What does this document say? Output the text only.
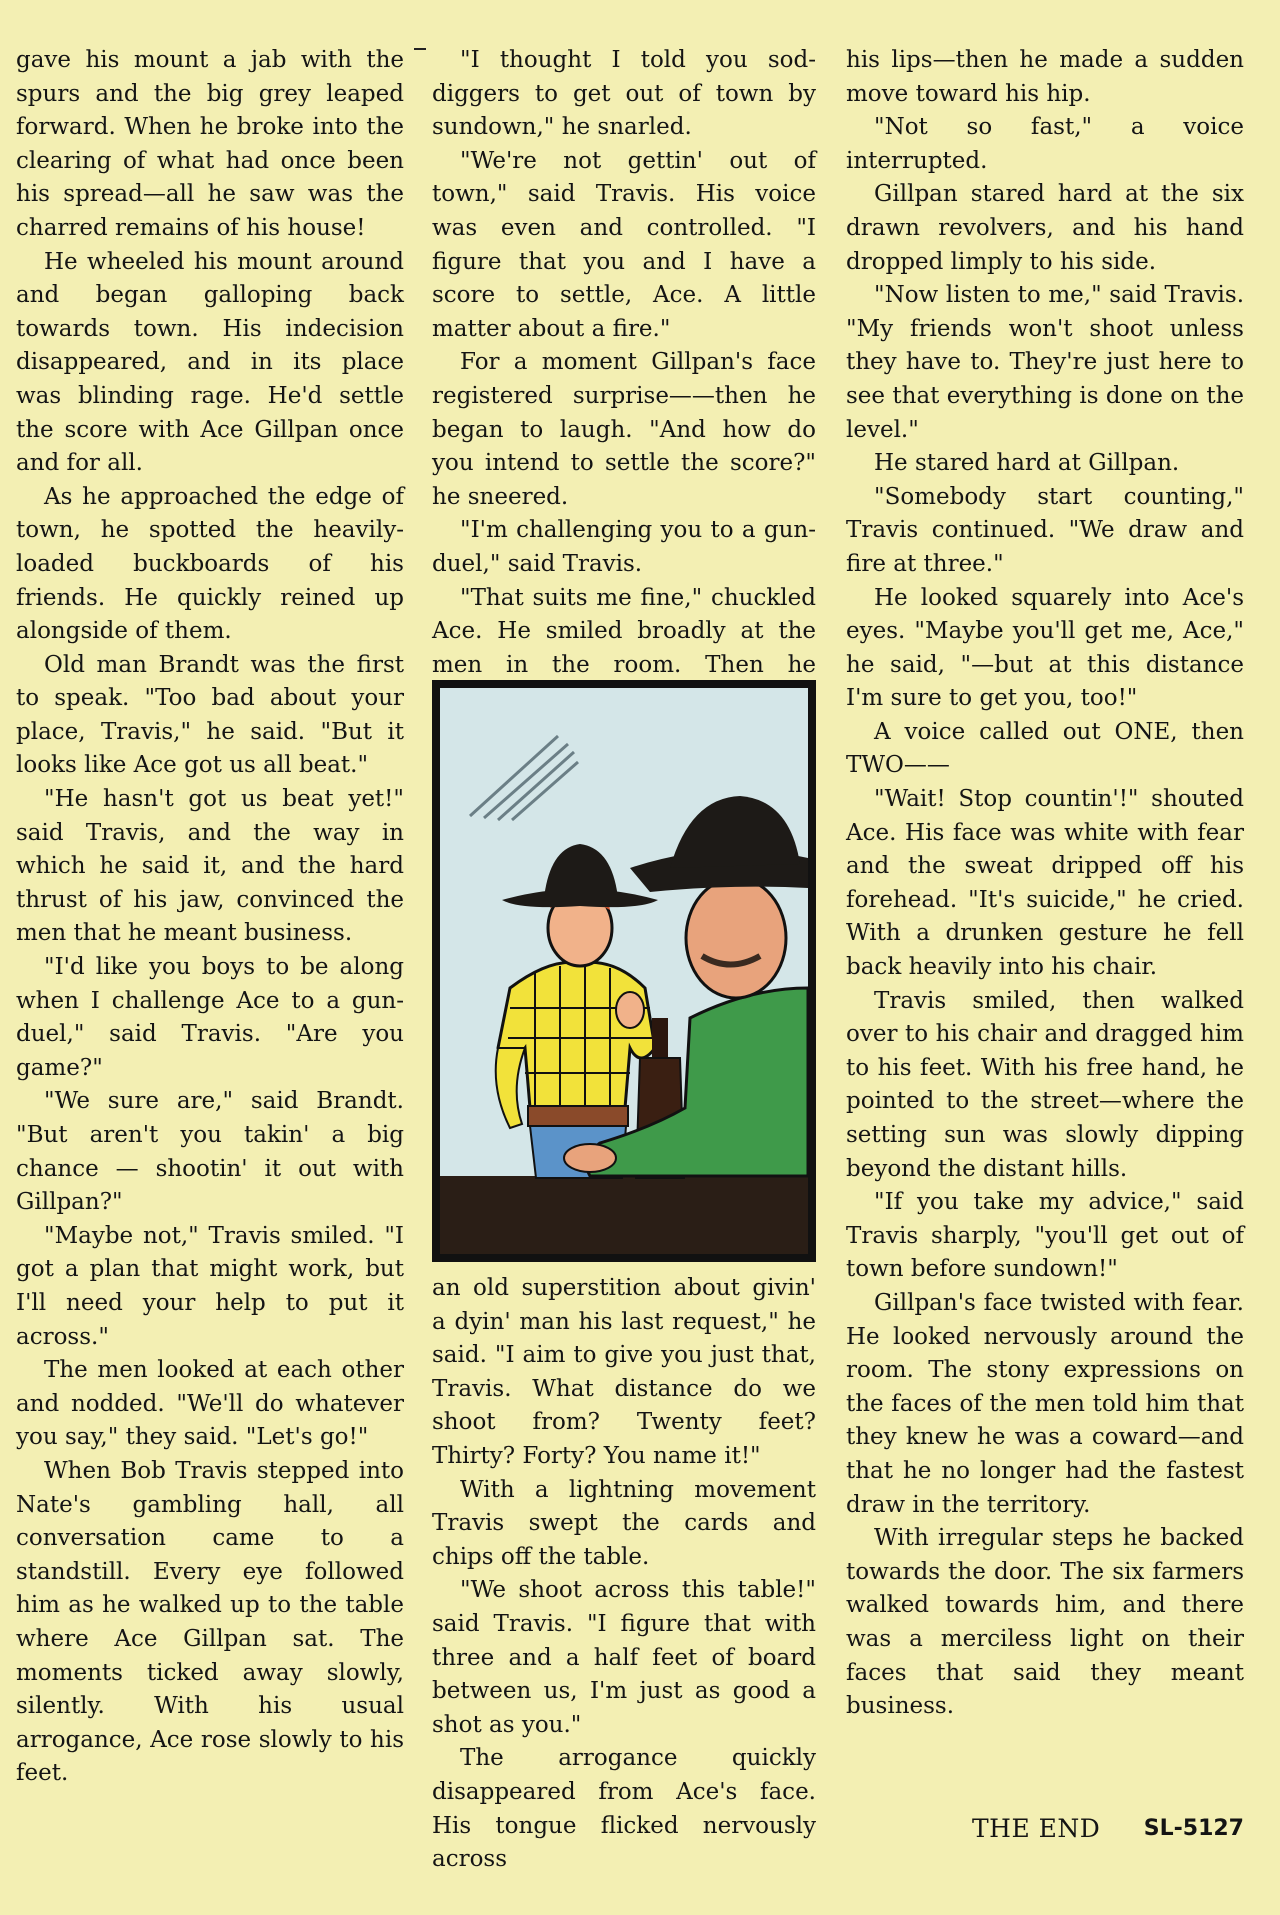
gave his mount a jab with the spurs and the big grey leaped forward. When he broke into the clearing of what had once been his spread—all he saw was the charred remains of his house!

He wheeled his mount around and began galloping back towards town. His indecision disappeared, and in its place was blinding rage. He'd settle the score with Ace Gillpan once and for all.

As he approached the edge of town, he spotted the heavily-loaded buckboards of his friends. He quickly reined up alongside of them.

Old man Brandt was the first to speak. "Too bad about your place, Travis," he said. "But it looks like Ace got us all beat."

"He hasn't got us beat yet!" said Travis, and the way in which he said it, and the hard thrust of his jaw, convinced the men that he meant business.

"I'd like you boys to be along when I challenge Ace to a gun-duel," said Travis. "Are you game?"

"We sure are," said Brandt. "But aren't you takin' a big chance — shootin' it out with Gillpan?"

"Maybe not," Travis smiled. "I got a plan that might work, but I'll need your help to put it across."

The men looked at each other and nodded. "We'll do whatever you say," they said. "Let's go!"

When Bob Travis stepped into Nate's gambling hall, all conversation came to a standstill. Every eye followed him as he walked up to the table where Ace Gillpan sat. The moments ticked away slowly, silently. With his usual arrogance, Ace rose slowly to his feet.

"I thought I told you sod-diggers to get out of town by sundown," he snarled.

"We're not gettin' out of town," said Travis. His voice was even and controlled. "I figure that you and I have a score to settle, Ace. A little matter about a fire."

For a moment Gillpan's face registered surprise——then he began to laugh. "And how do you intend to settle the score?" he sneered.

"I'm challenging you to a gun-duel," said Travis.

"That suits me fine," chuckled Ace. He smiled broadly at the men in the room. Then he

an old superstition about givin' a dyin' man his last request," he said. "I aim to give you just that, Travis. What distance do we shoot from? Twenty feet? Thirty? Forty? You name it!"

With a lightning movement Travis swept the cards and chips off the table.

"We shoot across this table!" said Travis. "I figure that with three and a half feet of board between us, I'm just as good a shot as you."

The arrogance quickly disappeared from Ace's face. His tongue flicked nervously across

his lips—then he made a sudden move toward his hip.

"Not so fast," a voice interrupted.

Gillpan stared hard at the six drawn revolvers, and his hand dropped limply to his side.

"Now listen to me," said Travis. "My friends won't shoot unless they have to. They're just here to see that everything is done on the level."

He stared hard at Gillpan.

"Somebody start counting," Travis continued. "We draw and fire at three."

He looked squarely into Ace's eyes. "Maybe you'll get me, Ace," he said, "—but at this distance I'm sure to get you, too!"

A voice called out ONE, then TWO——

"Wait! Stop countin'!" shouted Ace. His face was white with fear and the sweat dripped off his forehead. "It's suicide," he cried. With a drunken gesture he fell back heavily into his chair.

Travis smiled, then walked over to his chair and dragged him to his feet. With his free hand, he pointed to the street—where the setting sun was slowly dipping beyond the distant hills.

"If you take my advice," said Travis sharply, "you'll get out of town before sundown!"

Gillpan's face twisted with fear. He looked nervously around the room. The stony expressions on the faces of the men told him that they knew he was a coward—and that he no longer had the fastest draw in the territory.

With irregular steps he backed towards the door. The six farmers walked towards him, and there was a merciless light on their faces that said they meant business.

THE END SL-5127
